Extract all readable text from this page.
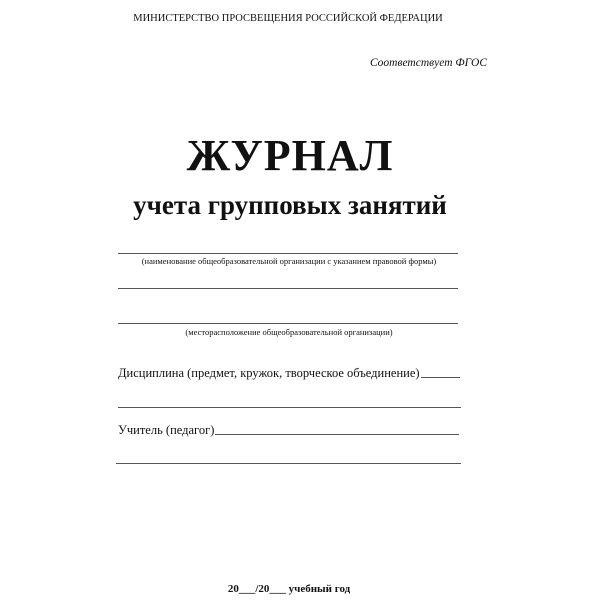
МИНИСТЕРСТВО ПРОСВЕЩЕНИЯ РОССИЙСКОЙ ФЕДЕРАЦИИ
Соответствует ФГОС
ЖУРНАЛ
учета групповых занятий
(наименование общеобразовательной организации с указанием правовой формы)
(месторасположение общеобразовательной организации)
Дисциплина (предмет, кружок, творческое объединение)
Учитель (педагог)
20___/20___ учебный год
